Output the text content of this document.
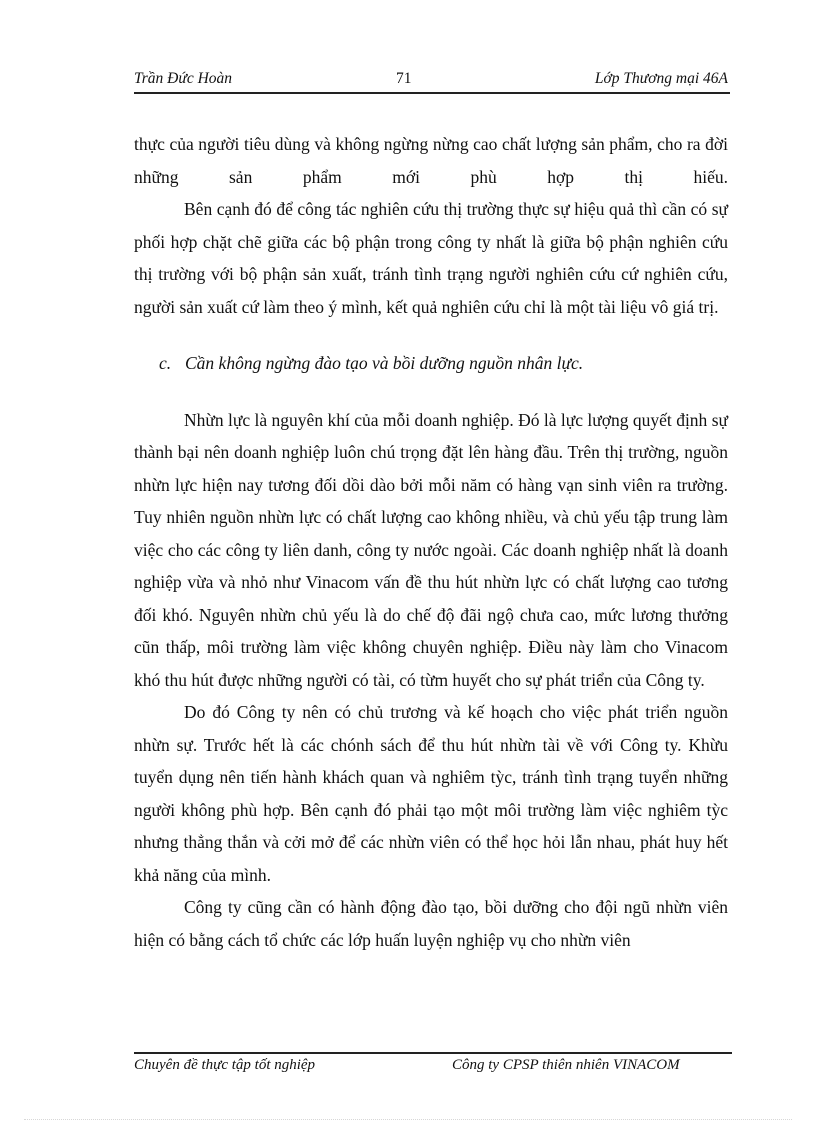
Trần Đức Hoàn	71	Lớp Thương mại 46A

thực của người tiêu dùng và không ngừng nừng cao chất lượng sản phẩm, cho ra đời những sản phẩm mới phù hợp thị hiếu.

Bên cạnh đó để công tác nghiên cứu thị trường thực sự hiệu quả thì cần có sự phối hợp chặt chẽ giữa các bộ phận trong công ty nhất là giữa bộ phận nghiên cứu thị trường với bộ phận sản xuất, tránh tình trạng người nghiên cứu cứ nghiên cứu, người sản xuất cứ làm theo ý mình, kết quả nghiên cứu chỉ là một tài liệu vô giá trị.

c. Cần không ngừng đào tạo và bồi dưỡng nguồn nhân lực.

Nhừn lực là nguyên khí của mỗi doanh nghiệp. Đó là lực lượng quyết định sự thành bại nên doanh nghiệp luôn chú trọng đặt lên hàng đầu. Trên thị trường, nguồn nhừn lực hiện nay tương đối dồi dào bởi mỗi năm có hàng vạn sinh viên ra trường. Tuy nhiên nguồn nhừn lực có chất lượng cao không nhiều, và chủ yếu tập trung làm việc cho các công ty liên danh, công ty nước ngoài. Các doanh nghiệp nhất là doanh nghiệp vừa và nhỏ như Vinacom vấn đề thu hút nhừn lực có chất lượng cao tương đối khó. Nguyên nhừn chủ yếu là do chế độ đãi ngộ chưa cao, mức lương thưởng cũn thấp, môi trường làm việc không chuyên nghiệp. Điều này làm cho Vinacom khó thu hút được những người có tài, có từm huyết cho sự phát triển của Công ty.

Do đó Công ty nên có chủ trương và kế hoạch cho việc phát triển nguồn nhừn sự. Trước hết là các chónh sách để thu hút nhừn tài về với Công ty. Khừu tuyển dụng nên tiến hành khách quan và nghiêm tỳc, tránh tình trạng tuyển những người không phù hợp. Bên cạnh đó phải tạo một môi trường làm việc nghiêm tỳc nhưng thẳng thắn và cởi mở để các nhừn viên có thể học hỏi lẫn nhau, phát huy hết khả năng của mình.

Công ty cũng cần có hành động đào tạo, bồi dưỡng cho đội ngũ nhừn viên hiện có bằng cách tổ chức các lớp huấn luyện nghiệp vụ cho nhừn viên

Chuyên đề thực tập tốt nghiệp	Công ty CPSP thiên nhiên VINACOM
